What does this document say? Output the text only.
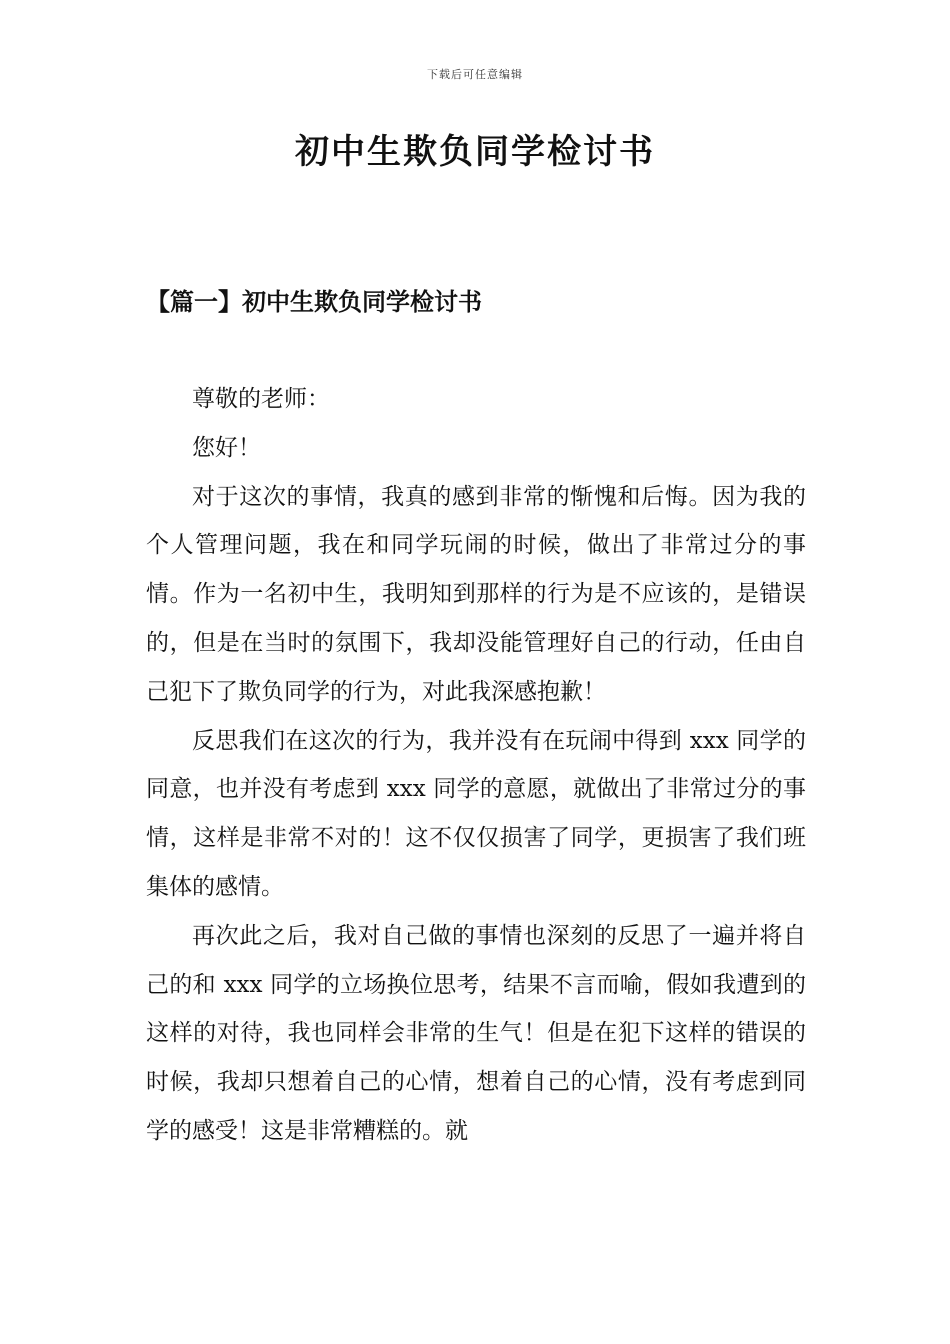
下载后可任意编辑
初中生欺负同学检讨书
【篇一】初中生欺负同学检讨书

尊敬的老师：

您好！

对于这次的事情，我真的感到非常的惭愧和后悔。因为我的个人管理问题，我在和同学玩闹的时候，做出了非常过分的事情。作为一名初中生，我明知到那样的行为是不应该的，是错误的，但是在当时的氛围下，我却没能管理好自己的行动，任由自己犯下了欺负同学的行为，对此我深感抱歉！

反思我们在这次的行为，我并没有在玩闹中得到 xxx 同学的同意，也并没有考虑到 xxx 同学的意愿，就做出了非常过分的事情，这样是非常不对的！这不仅仅损害了同学，更损害了我们班集体的感情。

再次此之后，我对自己做的事情也深刻的反思了一遍并将自己的和 xxx 同学的立场换位思考，结果不言而喻，假如我遭到的这样的对待，我也同样会非常的生气！但是在犯下这样的错误的时候，我却只想着自己的心情，想着自己的心情，没有考虑到同学的感受！这是非常糟糕的。就
